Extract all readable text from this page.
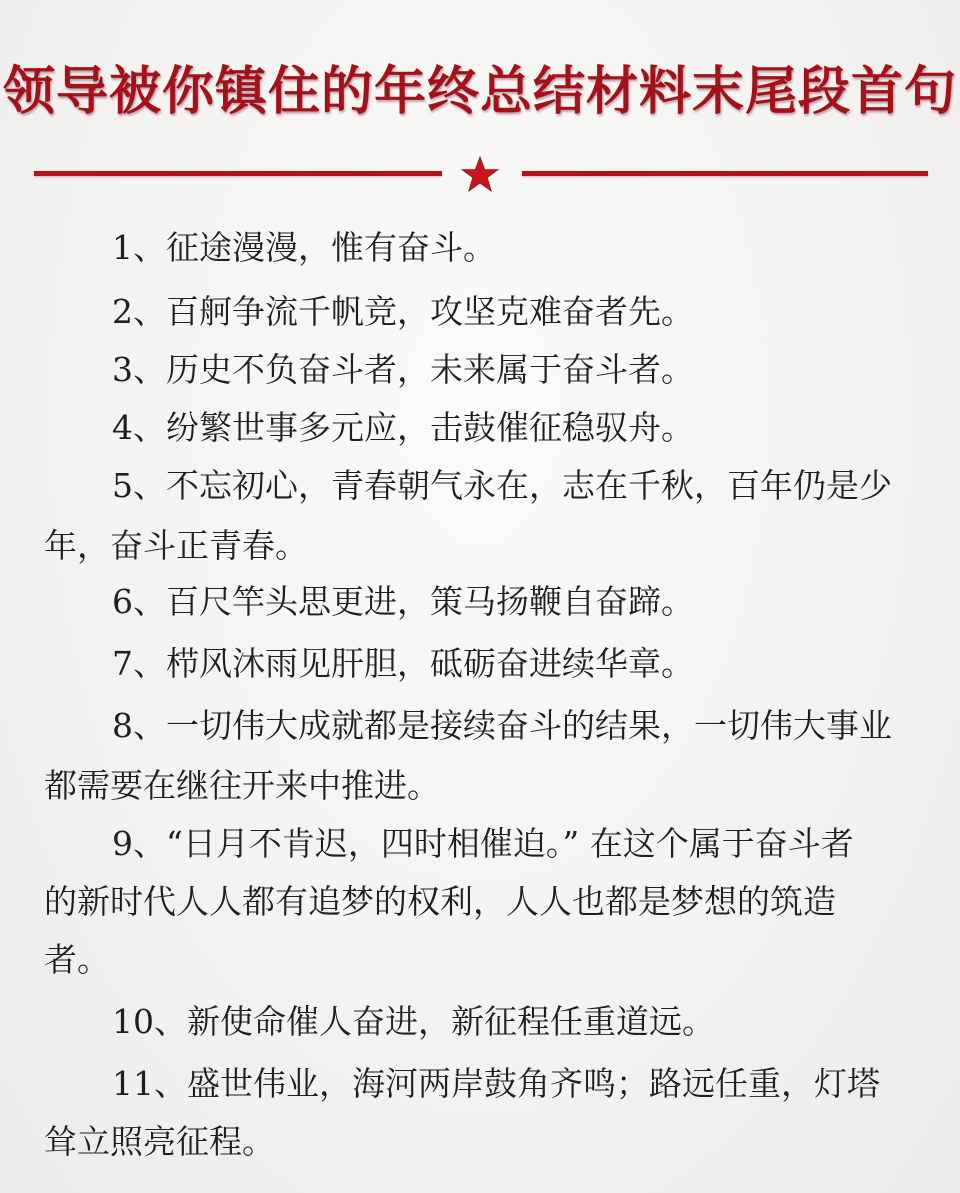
领导被你镇住的年终总结材料末尾段首句
1、征途漫漫，惟有奋斗。
2、百舸争流千帆竞，攻坚克难奋者先。
3、历史不负奋斗者，未来属于奋斗者。
4、纷繁世事多元应，击鼓催征稳驭舟。
5、不忘初心，青春朝气永在，志在千秋，百年仍是少
年，奋斗正青春。
6、百尺竿头思更进，策马扬鞭自奋蹄。
7、栉风沐雨见肝胆，砥砺奋进续华章。
8、一切伟大成就都是接续奋斗的结果，一切伟大事业
都需要在继往开来中推进。
9、“日月不肯迟，四时相催迫。” 在这个属于奋斗者
的新时代人人都有追梦的权利，人人也都是梦想的筑造
者。
10、新使命催人奋进，新征程任重道远。
11、盛世伟业，海河两岸鼓角齐鸣；路远任重，灯塔
耸立照亮征程。
